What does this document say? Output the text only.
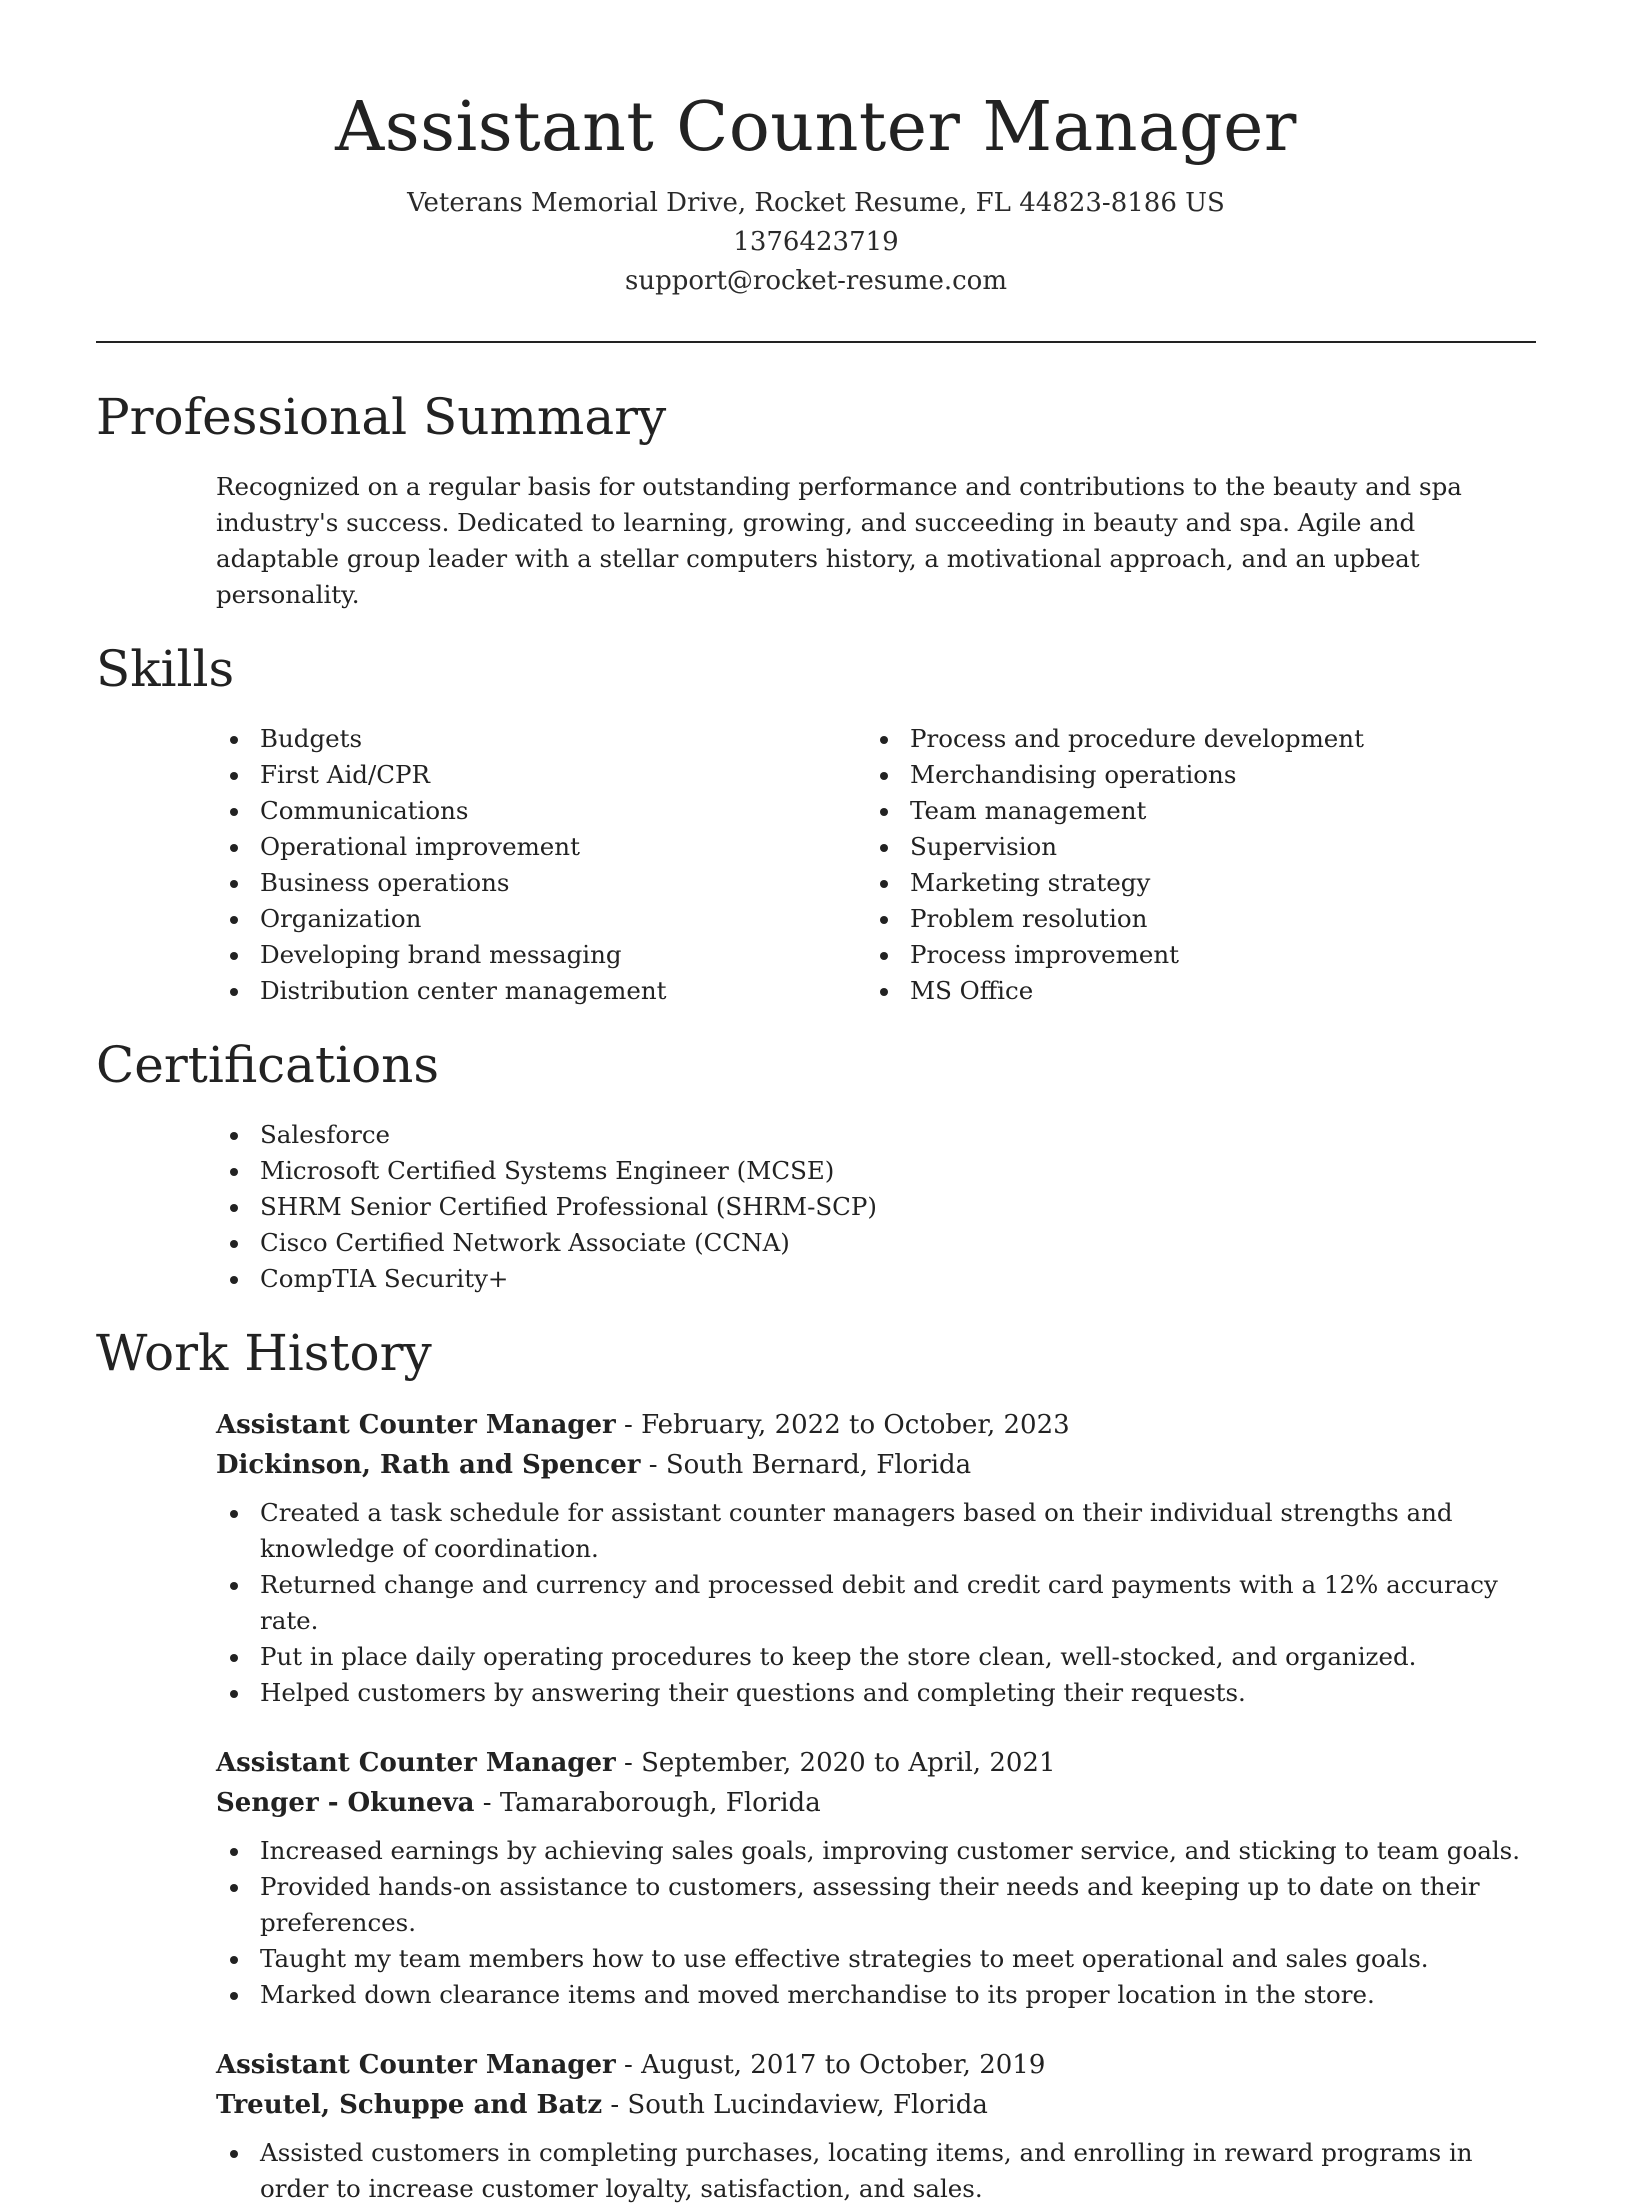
Assistant Counter Manager
Veterans Memorial Drive, Rocket Resume, FL 44823-8186 US
1376423719
support@rocket-resume.com
Professional Summary

Recognized on a regular basis for outstanding performance and contributions to the beauty and spa industry's success. Dedicated to learning, growing, and succeeding in beauty and spa. Agile and adaptable group leader with a stellar computers history, a motivational approach, and an upbeat personality.

Skills
Budgets
First Aid/CPR
Communications
Operational improvement
Business operations
Organization
Developing brand messaging
Distribution center management
Process and procedure development
Merchandising operations
Team management
Supervision
Marketing strategy
Problem resolution
Process improvement
MS Office
Certifications
Salesforce
Microsoft Certified Systems Engineer (MCSE)
SHRM Senior Certified Professional (SHRM-SCP)
Cisco Certified Network Associate (CCNA)
CompTIA Security+
Work History
Assistant Counter Manager - February, 2022 to October, 2023
Dickinson, Rath and Spencer - South Bernard, Florida
Created a task schedule for assistant counter managers based on their individual strengths and knowledge of coordination.
Returned change and currency and processed debit and credit card payments with a 12% accuracy rate.
Put in place daily operating procedures to keep the store clean, well-stocked, and organized.
Helped customers by answering their questions and completing their requests.
Assistant Counter Manager - September, 2020 to April, 2021
Senger - Okuneva - Tamaraborough, Florida
Increased earnings by achieving sales goals, improving customer service, and sticking to team goals.
Provided hands-on assistance to customers, assessing their needs and keeping up to date on their preferences.
Taught my team members how to use effective strategies to meet operational and sales goals.
Marked down clearance items and moved merchandise to its proper location in the store.
Assistant Counter Manager - August, 2017 to October, 2019
Treutel, Schuppe and Batz - South Lucindaview, Florida
Assisted customers in completing purchases, locating items, and enrolling in reward programs in order to increase customer loyalty, satisfaction, and sales.
